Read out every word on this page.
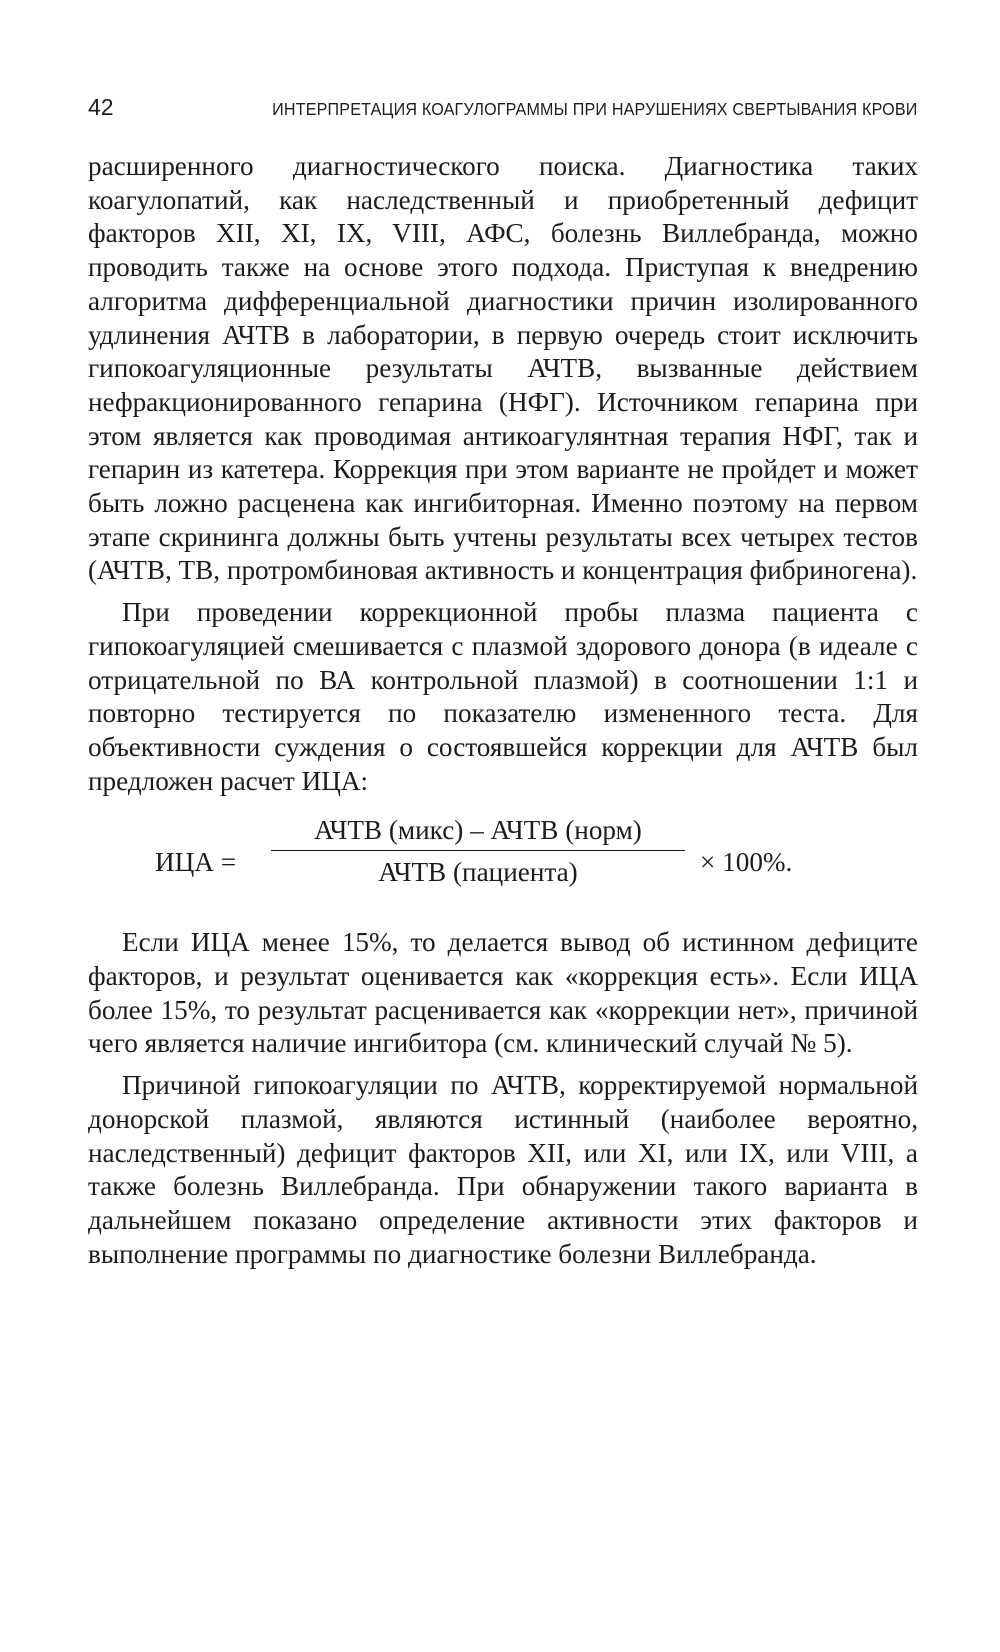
42	ИНТЕРПРЕТАЦИЯ КОАГУЛОГРАММЫ ПРИ НАРУШЕНИЯХ СВЕРТЫВАНИЯ КРОВИ

расширенного диагностического поиска. Диагностика таких коагулопатий, как наследственный и приобретенный дефицит факторов XII, XI, IX, VIII, АФС, болезнь Виллебранда, можно проводить также на основе этого подхода. Приступая к внедрению алгоритма дифференциальной диагностики причин изолированного удлинения АЧТВ в лаборатории, в первую очередь стоит исключить гипокоагуляционные результаты АЧТВ, вызванные действием нефракционированного гепарина (НФГ). Источником гепарина при этом является как проводимая антикоагулянтная терапия НФГ, так и гепарин из катетера. Коррекция при этом варианте не пройдет и может быть ложно расценена как ингибиторная. Именно поэтому на первом этапе скрининга должны быть учтены результаты всех четырех тестов (АЧТВ, ТВ, протромбиновая активность и концентрация фибриногена).

При проведении коррекционной пробы плазма пациента с гипокоагуляцией смешивается с плазмой здорового донора (в идеале с отрицательной по ВА контрольной плазмой) в соотношении 1:1 и повторно тестируется по показателю измененного теста. Для объективности суждения о состоявшейся коррекции для АЧТВ был предложен расчет ИЦА:

ИЦА =
АЧТВ (микс) – АЧТВ (норм)
АЧТВ (пациента)	× 100%.

Если ИЦА менее 15%, то делается вывод об истинном дефиците факторов, и результат оценивается как «коррекция есть». Если ИЦА более 15%, то результат расценивается как «коррекции нет», причиной чего является наличие ингибитора (см. клинический случай № 5).

Причиной гипокоагуляции по АЧТВ, корректируемой нормальной донорской плазмой, являются истинный (наиболее вероятно, наследственный) дефицит факторов XII, или XI, или IX, или VIII, а также болезнь Виллебранда. При обнаружении такого варианта в дальнейшем показано определение активности этих факторов и выполнение программы по диагностике болезни Виллебранда.
